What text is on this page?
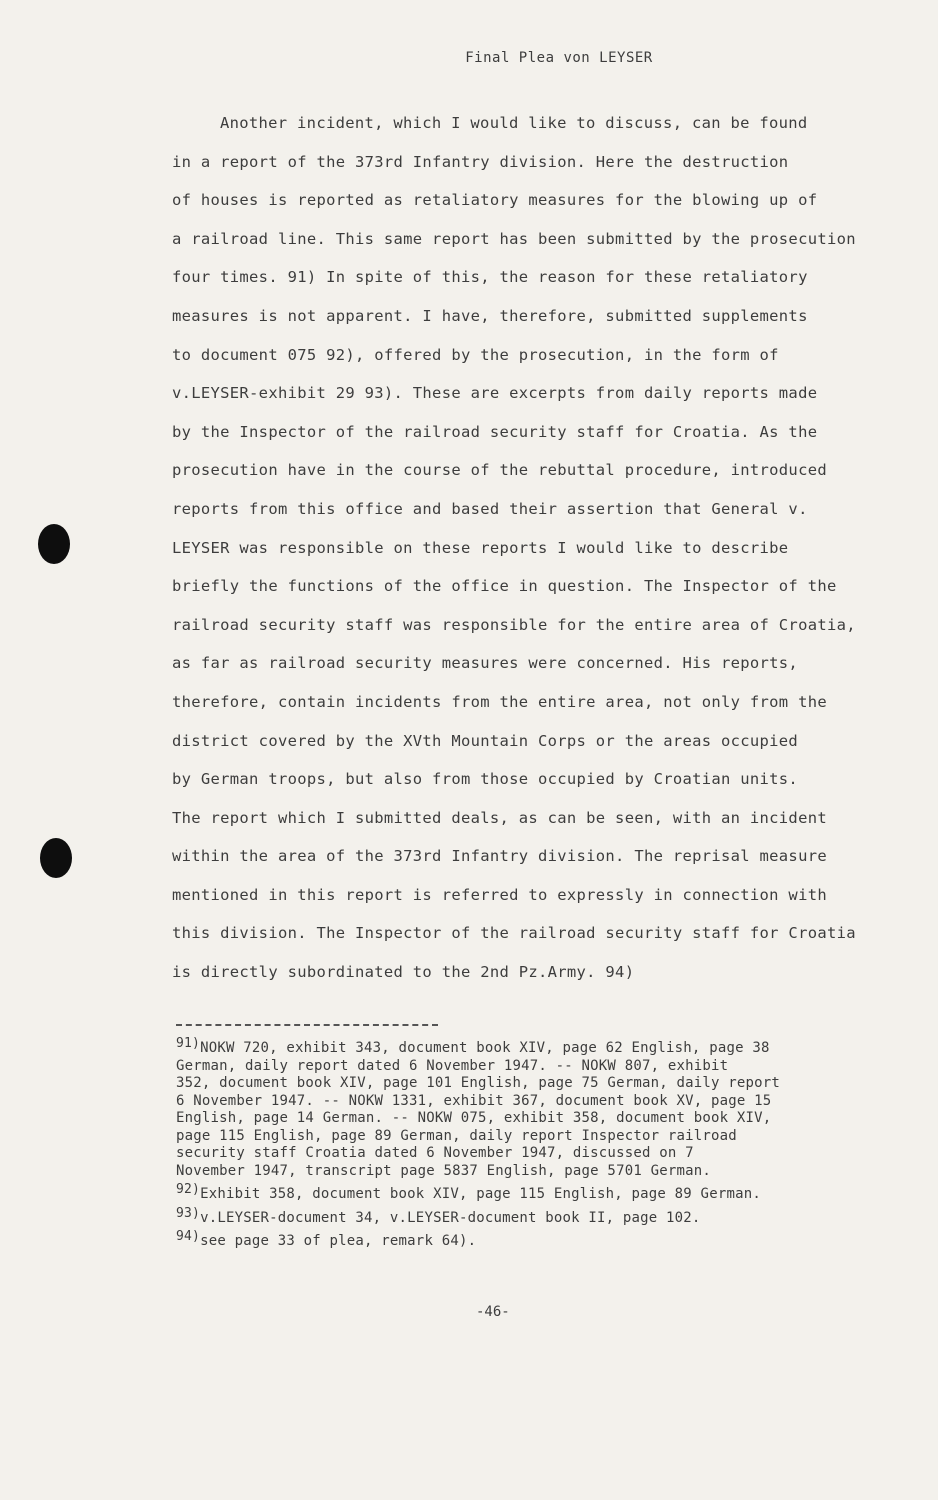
Final Plea von LEYSER
Another incident, which I would like to discuss, can be found
in a report of the 373rd Infantry division. Here the destruction
of houses is reported as retaliatory measures for the blowing up of
a railroad line. This same report has been submitted by the prosecution
four times. 91) In spite of this, the reason for these retaliatory
measures is not apparent. I have, therefore, submitted supplements
to document 075 92), offered by the prosecution, in the form of
v.LEYSER-exhibit 29 93). These are excerpts from daily reports made
by the Inspector of the railroad security staff for Croatia. As the
prosecution have in the course of the rebuttal procedure, introduced
reports from this office and based their assertion that General v.
LEYSER was responsible on these reports I would like to describe
briefly the functions of the office in question. The Inspector of the
railroad security staff was responsible for the entire area of Croatia,
as far as railroad security measures were concerned. His reports,
therefore, contain incidents from the entire area, not only from the
district covered by the XVth Mountain Corps or the areas occupied
by German troops, but also from those occupied by Croatian units.
The report which I submitted deals, as can be seen, with an incident
within the area of the 373rd Infantry division. The reprisal measure
mentioned in this report is referred to expressly in connection with
this division. The Inspector of the railroad security staff for Croatia
is directly subordinated to the 2nd Pz.Army. 94)
91)NOKW 720, exhibit 343, document book XIV, page 62 English, page 38
German, daily report dated 6 November 1947. -- NOKW 807, exhibit
352, document book XIV, page 101 English, page 75 German, daily report
6 November 1947. -- NOKW 1331, exhibit 367, document book XV, page 15
English, page 14 German. -- NOKW 075, exhibit 358, document book XIV,
page 115 English, page 89 German, daily report Inspector railroad
security staff Croatia dated 6 November 1947, discussed on 7
November 1947, transcript page 5837 English, page 5701 German.
92)Exhibit 358, document book XIV, page 115 English, page 89 German.
93)v.LEYSER-document 34, v.LEYSER-document book II, page 102.
94)see page 33 of plea, remark 64).
-46-
